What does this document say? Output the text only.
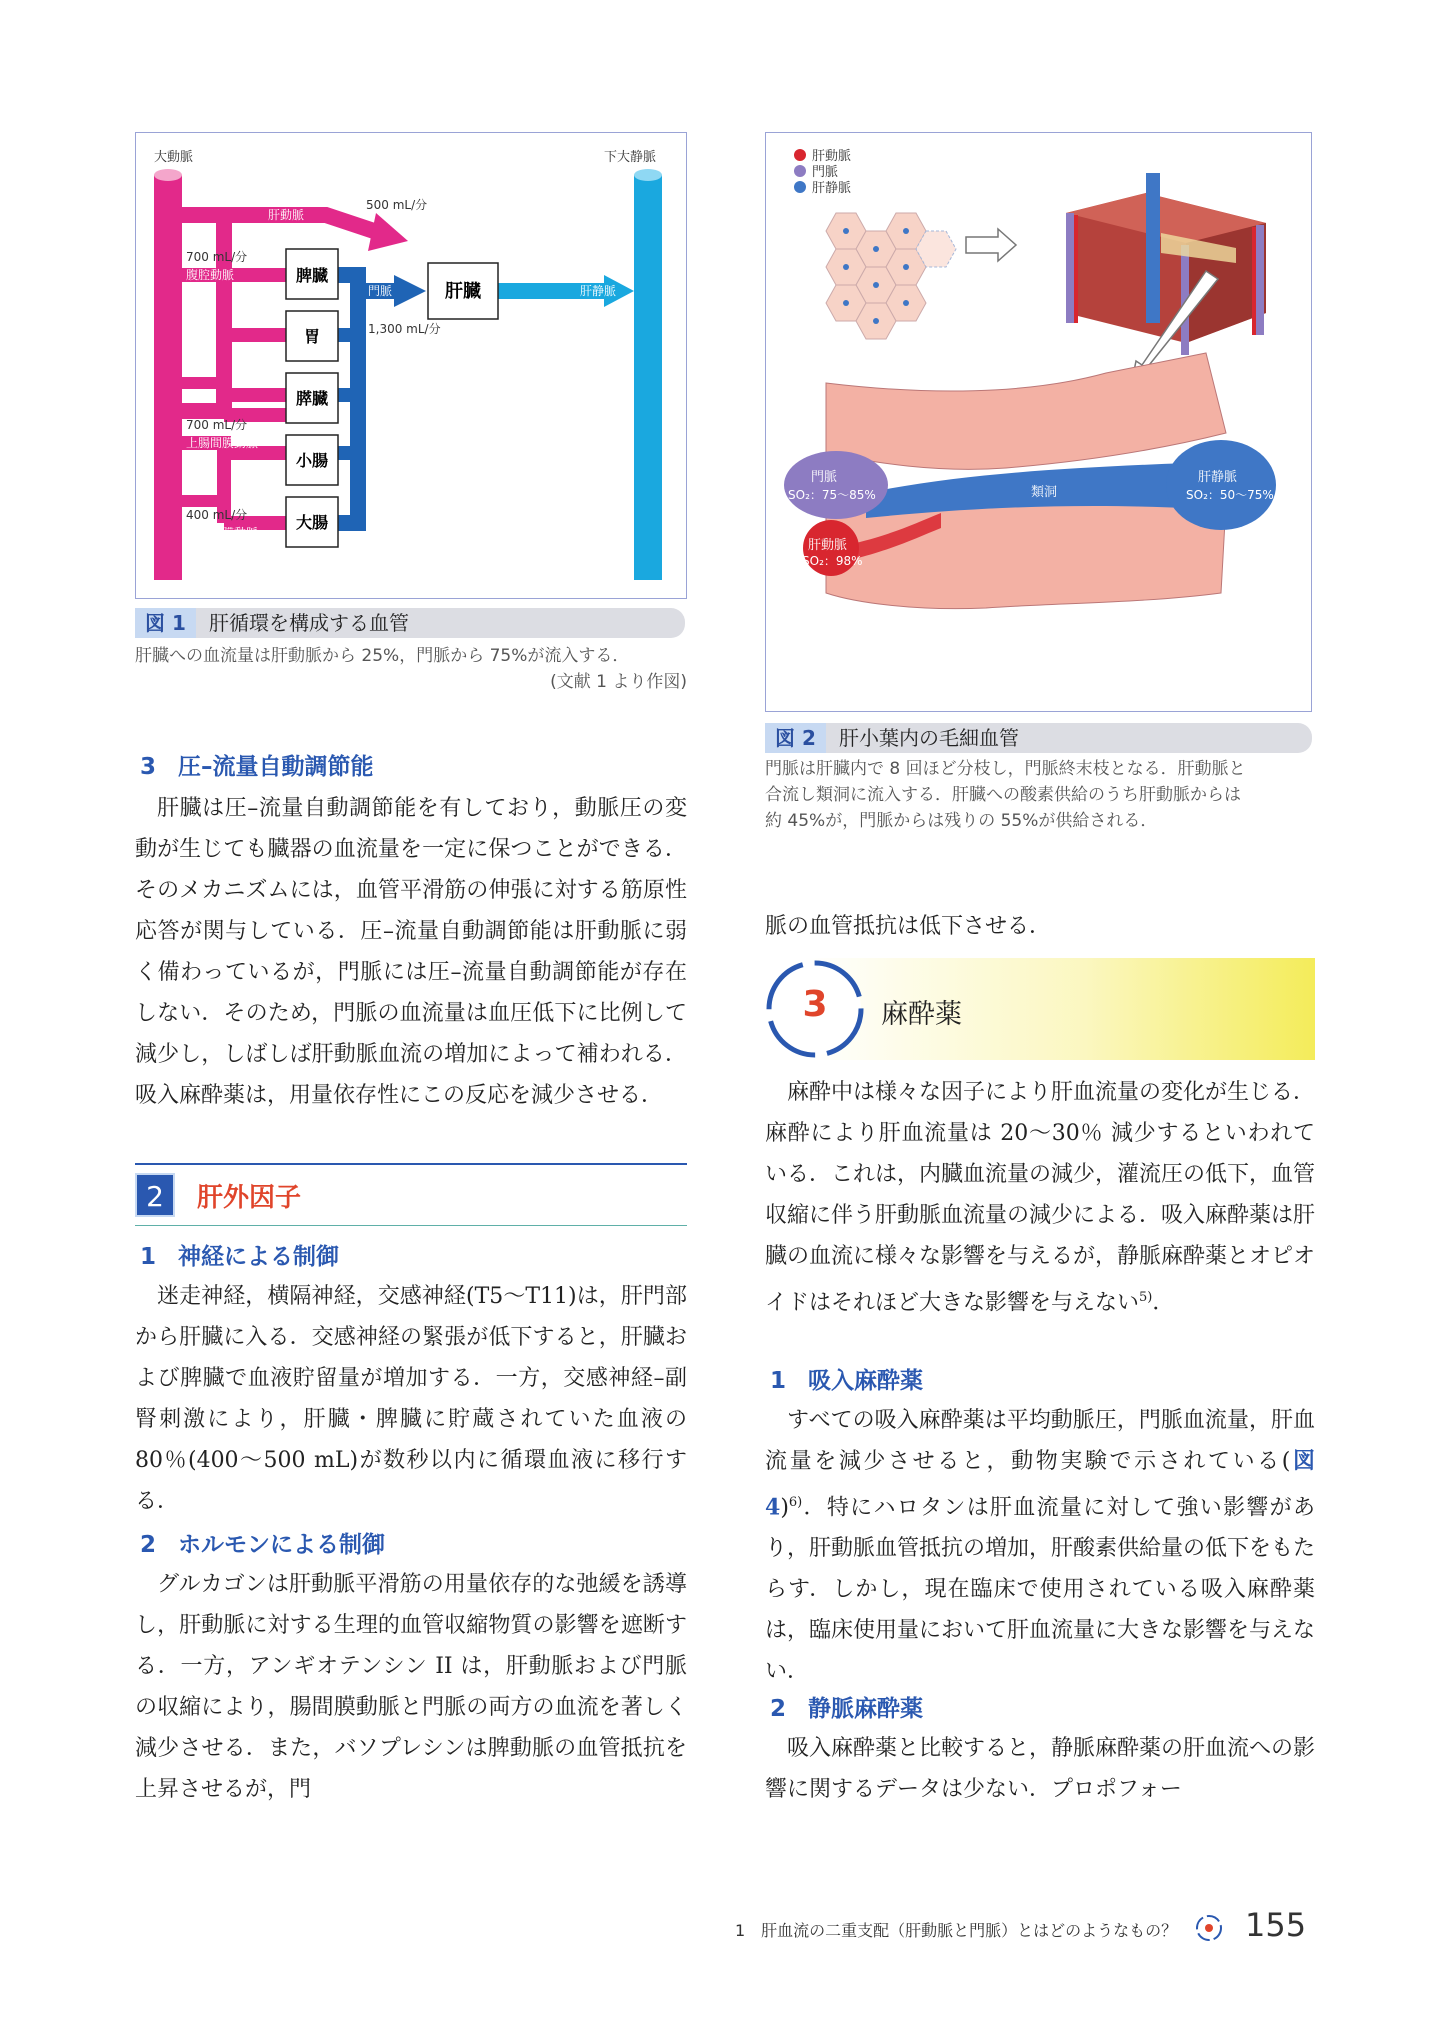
大動脈	下大静脈
脾臓
胃
膵臓
小腸
大腸
肝臓
肝動脈
500 mL/分
700 mL/分
腹腔動脈
700 mL/分
上腸間膜動脈
400 mL/分
下腸間膜動脈
門脈
1,300 mL/分
肝静脈
図 1	肝循環を構成する血管
肝臓への血流量は肝動脈から 25%，門脈から 75%が流入する．
(文献 1 より作図)
肝動脈
門脈
肝静脈
門脈
SO₂：75〜85%
肝動脈
SO₂：98%
類洞
肝静脈
SO₂：50〜75%
図 2	肝小葉内の毛細血管
門脈は肝臓内で 8 回ほど分枝し，門脈終末枝となる．肝動脈と
合流し類洞に流入する．肝臓への酸素供給のうち肝動脈からは
約 45%が，門脈からは残りの 55%が供給される．
3 圧–流量自動調節能

肝臓は圧–流量自動調節能を有しており，動脈圧の変動が生じても臓器の血流量を一定に保つことができる．そのメカニズムには，血管平滑筋の伸張に対する筋原性応答が関与している．圧–流量自動調節能は肝動脈に弱く備わっているが，門脈には圧–流量自動調節能が存在しない．そのため，門脈の血流量は血圧低下に比例して減少し，しばしば肝動脈血流の増加によって補われる．吸入麻酔薬は，用量依存性にこの反応を減少させる．

2	肝外因子
1 神経による制御

迷走神経，横隔神経，交感神経(T5〜T11)は，肝門部から肝臓に入る．交感神経の緊張が低下すると，肝臓および脾臓で血液貯留量が増加する．一方，交感神経–副腎刺激により，肝臓・脾臓に貯蔵されていた血液の 80％(400〜500 mL)が数秒以内に循環血液に移行する．

2 ホルモンによる制御

グルカゴンは肝動脈平滑筋の用量依存的な弛緩を誘導し，肝動脈に対する生理的血管収縮物質の影響を遮断する．一方，アンギオテンシン II は，肝動脈および門脈の収縮により，腸間膜動脈と門脈の両方の血流を著しく減少させる．また，バソプレシンは脾動脈の血管抵抗を上昇させるが，門

脈の血管抵抗は低下させる．

3 麻酔薬

麻酔中は様々な因子により肝血流量の変化が生じる．麻酔により肝血流量は 20〜30％ 減少するといわれている．これは，内臓血流量の減少，灌流圧の低下，血管収縮に伴う肝動脈血流量の減少による．吸入麻酔薬は肝臓の血流に様々な影響を与えるが，静脈麻酔薬とオピオイドはそれほど大きな影響を与えない$^{5)}$．

1 吸入麻酔薬

すべての吸入麻酔薬は平均動脈圧，門脈血流量，肝血流量を減少させると，動物実験で示されている(図 4)$^{6)}$．特にハロタンは肝血流量に対して強い影響があり，肝動脈血管抵抗の増加，肝酸素供給量の低下をもたらす．しかし，現在臨床で使用されている吸入麻酔薬は，臨床使用量において肝血流量に大きな影響を与えない．

2 静脈麻酔薬

吸入麻酔薬と比較すると，静脈麻酔薬の肝血流への影響に関するデータは少ない．プロポフォー

1　肝血流の二重支配（肝動脈と門脈）とはどのようなもの？ 155
